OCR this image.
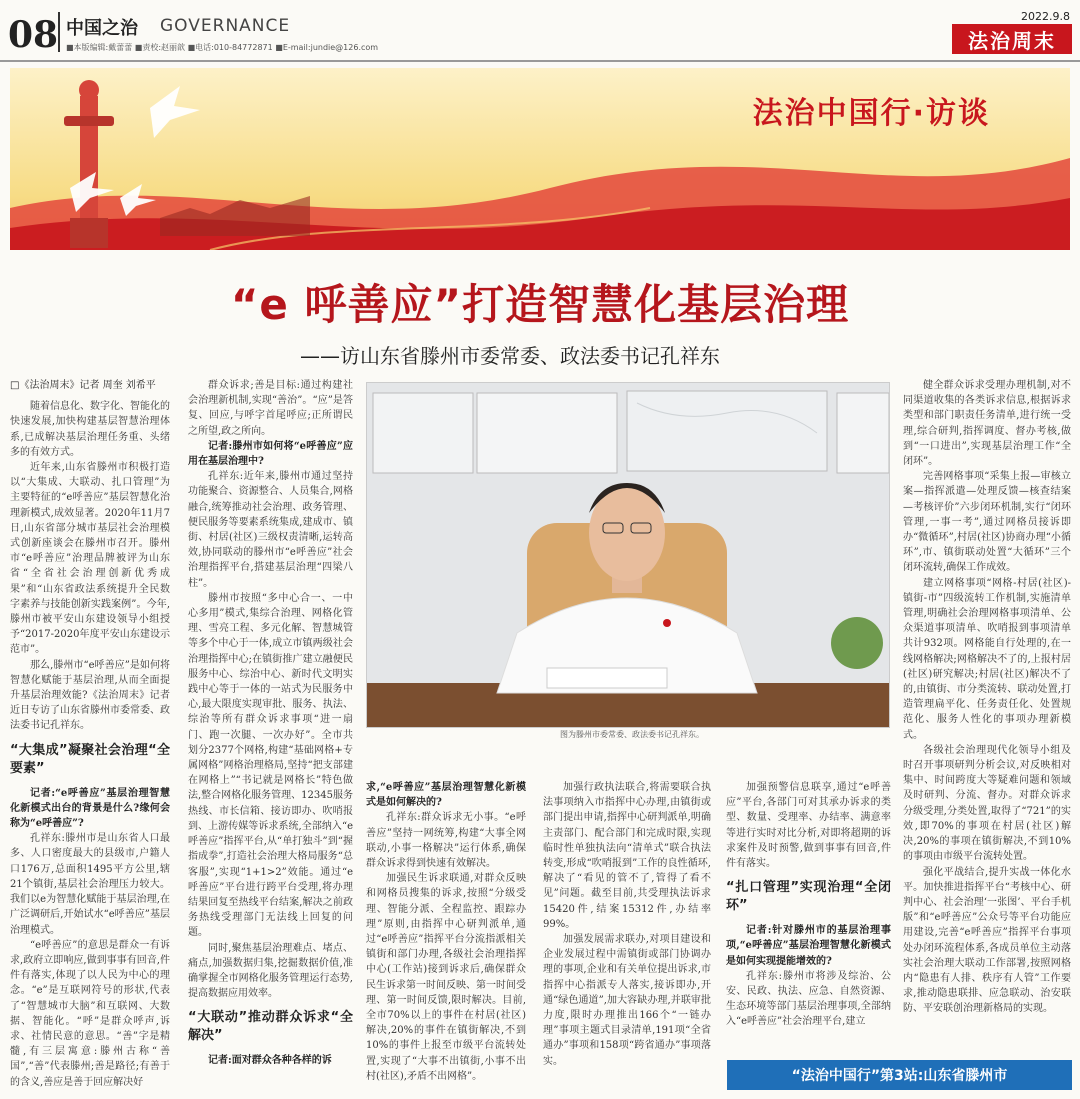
08 中国之治 GOVERNANCE
■本版编辑:戴蕾蕾 ■责校:赵丽歆 ■电话:010-84772871 ■E-mail:jundie@126.com
2022.9.8
法治周末
法治中国行·访谈
“e 呼善应”打造智慧化基层治理
——访山东省滕州市委常委、政法委书记孔祥东
□《法治周末》记者 周奎 刘希平

随着信息化、数字化、智能化的快速发展,加快构建基层智慧治理体系,已成解决基层治理任务重、头绪多的有效方式。

近年来,山东省滕州市积极打造以“大集成、大联动、扎口管理”为主要特征的“e呼善应”基层智慧化治理新模式,成效显著。2020年11月7日,山东省部分城市基层社会治理模式创新座谈会在滕州市召开。滕州市“e呼善应”治理品牌被评为山东省“全省社会治理创新优秀成果”和“山东省政法系统提升全民数字素养与技能创新实践案例”。今年,滕州市被平安山东建设领导小组授予“2017-2020年度平安山东建设示范市”。

那么,滕州市“e呼善应”是如何将智慧化赋能于基层治理,从而全面提升基层治理效能?《法治周末》记者近日专访了山东省滕州市委常委、政法委书记孔祥东。

“大集成”凝聚社会治理“全要素”

记者:“e呼善应”基层治理智慧化新模式出台的背景是什么?缘何会称为“e呼善应”?

孔祥东:滕州市是山东省人口最多、人口密度最大的县级市,户籍人口176万,总面积1495平方公里,辖21个镇街,基层社会治理压力较大。我们以e为智慧化赋能于基层治理,在广泛调研后,开始试水“e呼善应”基层治理模式。

“e呼善应”的意思是群众一有诉求,政府立即响应,做到事事有回音,件件有落实,体现了以人民为中心的理念。“e”是互联网符号的形状,代表了“智慧城市大脑”和互联网、大数据、智能化。“呼”是群众呼声,诉求、社情民意的意思。“善”字是精髓,有三层寓意:滕州古称“善国”,“善”代表滕州;善是路径;有善于的含义,善应是善于回应解决好

群众诉求;善是目标:通过构建社会治理新机制,实现“善治”。“应”是答复、回应,与呼字首尾呼应;正所谓民之所望,政之所向。

记者:滕州市如何将“e呼善应”应用在基层治理中?

孔祥东:近年来,滕州市通过坚持功能聚合、资源整合、人员集合,网格融合,统筹推动社会治理、政务管理、便民服务等要素系统集成,建成市、镇街、村居(社区)三级权责清晰,运转高效,协同联动的滕州市“e呼善应”社会治理指挥平台,搭建基层治理“四梁八柱”。

滕州市按照“多中心合一、一中心多用”模式,集综合治理、网格化管理、雪亮工程、多元化解、智慧城管等多个中心于一体,成立市镇两级社会治理指挥中心;在镇街推广建立融便民服务中心、综治中心、新时代文明实践中心等于一体的一站式为民服务中心,最大限度实现审批、服务、执法、综治等所有群众诉求事项“进一扇门、跑一次腿、一次办好”。全市共划分2377个网格,构建“基础网格+专属网格”网格治理格局,坚持“把支部建在网格上”“书记就是网格长”特色做法,整合网格化服务管理、12345服务热线、市长信箱、接访即办、吹哨报到、上游传媒等诉求系统,全部纳入“e呼善应”指挥平台,从“单打独斗”到“握指成拳”,打造社会治理大格局服务“总客服”,实现“1+1>2”效能。通过“e呼善应”平台进行跨平台受理,将办理结果回复至热线平台结案,解决之前政务热线受理部门无法线上回复的问题。

同时,聚焦基层治理难点、堵点、痛点,加强数据归集,挖掘数据价值,准确掌握全市网格化服务管理运行态势,提高数据应用效率。

“大联动”推动群众诉求“全解决”

记者:面对群众各种各样的诉

图为滕州市委常委、政法委书记孔祥东。

求,“e呼善应”基层治理智慧化新模式是如何解决的?

孔祥东:群众诉求无小事。“e呼善应”坚持一网统筹,构建“大事全网联动,小事一格解决”运行体系,确保群众诉求得到快速有效解决。

加强民生诉求联通,对群众反映和网格员搜集的诉求,按照“分级受理、智能分派、全程监控、跟踪办理”原则,由指挥中心研判派单,通过“e呼善应”指挥平台分流指派相关镇街和部门办理,各级社会治理指挥中心(工作站)接到诉求后,确保群众民生诉求第一时间反映、第一时间受理、第一时间反馈,限时解决。目前,全市70%以上的事件在村居(社区)解决,20%的事件在镇街解决,不到10%的事件上报至市级平台流转处置,实现了“大事不出镇街,小事不出村(社区),矛盾不出网格”。

加强行政执法联合,将需要联合执法事项纳入市指挥中心办理,由镇街或部门提出申请,指挥中心研判派单,明确主责部门、配合部门和完成时限,实现临时性单独执法向“清单式”联合执法转变,形成“吹哨报到”工作的良性循环,解决了“看见的管不了,管得了看不见”问题。截至目前,共受理执法诉求15420件,结案15312件,办结率99%。

加强发展需求联办,对项目建设和企业发展过程中需镇街或部门协调办理的事项,企业和有关单位提出诉求,市指挥中心指派专人落实,接诉即办,开通“绿色通道”,加大容缺办理,并联审批力度,限时办理推出166个“一链办理”事项主题式目录清单,191项“全省通办”事项和158项“跨省通办”事项落实。

加强预警信息联享,通过“e呼善应”平台,各部门可对其承办诉求的类型、数量、受理率、办结率、满意率等进行实时对比分析,对即将超期的诉求案件及时预警,做到事事有回音,件件有落实。

“扎口管理”实现治理“全闭环”

记者:针对滕州市的基层治理事项,“e呼善应”基层治理智慧化新模式是如何实现提能增效的?

孔祥东:滕州市将涉及综治、公安、民政、执法、应急、自然资源、生态环境等部门基层治理事项,全部纳入“e呼善应”社会治理平台,建立

健全群众诉求受理办理机制,对不同渠道收集的各类诉求信息,根据诉求类型和部门职责任务清单,进行统一受理,综合研判,指挥调度、督办考核,做到“一口进出”,实现基层治理工作“全闭环”。

完善网格事项“采集上报—审核立案—指挥派遣—处理反馈—核查结案—考核评价”六步闭环机制,实行“闭环管理,一事一考”,通过网格员接诉即办“微循环”,村居(社区)协商办理“小循环”,市、镇街联动处置“大循环”三个闭环流转,确保工作成效。

建立网格事项“网格-村居(社区)-镇街-市”四级流转工作机制,实施清单管理,明确社会治理网格事项清单、公众渠道事项清单、吹哨报到事项清单共计932项。网格能自行处理的,在一线网格解决;网格解决不了的,上报村居(社区)研究解决;村居(社区)解决不了的,由镇街、市分类流转、联动处置,打造管理扁平化、任务责任化、处置规范化、服务人性化的事项办理新模式。

各级社会治理现代化领导小组及时召开事项研判分析会议,对反映相对集中、时间跨度大等疑难问题和领域及时研判、分流、督办。对群众诉求分级受理,分类处置,取得了“721”的实效,即70%的事项在村居(社区)解决,20%的事项在镇街解决,不到10%的事项由市级平台流转处置。

强化平战结合,提升实战一体化水平。加快推进指挥平台“考核中心、研判中心、社会治理‘一张图’、平台手机版”和“e呼善应”公众号等平台功能应用建设,完善“e呼善应”指挥平台事项处办闭环流程体系,各成员单位主动落实社会治理大联动工作部署,按照网格内“隐患有人排、秩序有人管”工作要求,推动隐患联排、应急联动、治安联防、平安联创治理新格局的实现。

“法治中国行”第3站:山东省滕州市
